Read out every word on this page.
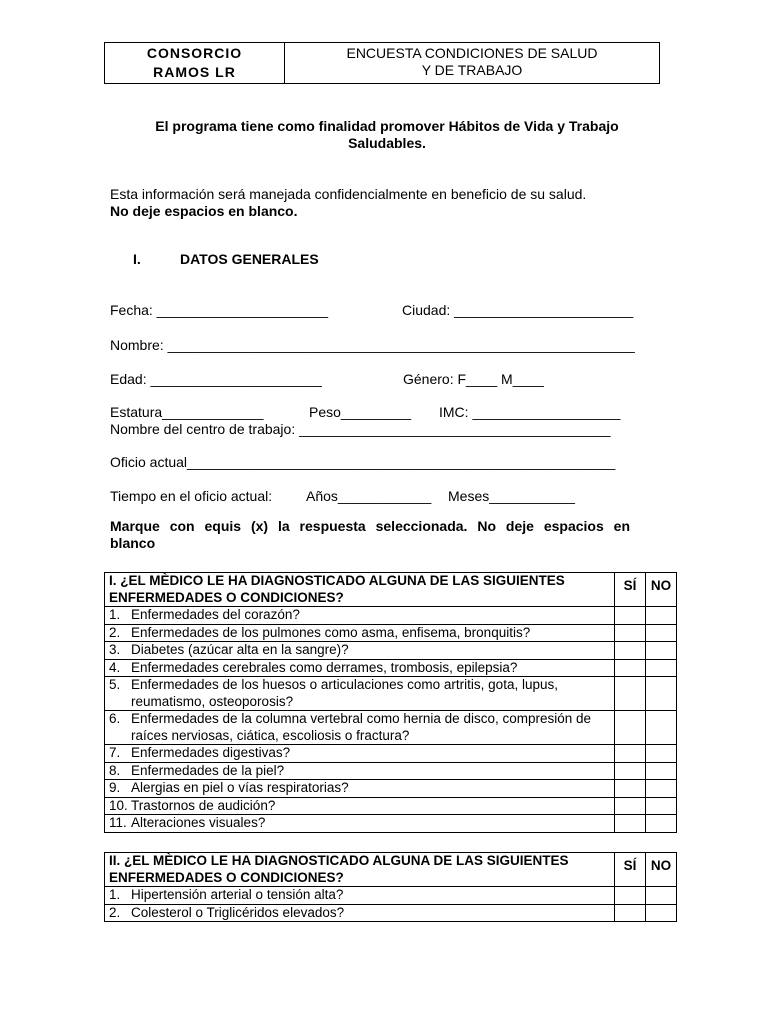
CONSORCIO
RAMOS LR
ENCUESTA CONDICIONES DE SALUD
Y DE TRABAJO
El programa tiene como finalidad promover Hábitos de Vida y Trabajo
Saludables.
Esta información será manejada confidencialmente en beneficio de su salud.
No deje espacios en blanco.
I.	DATOS GENERALES
Fecha: ______________________	Ciudad: _______________________
Nombre: ____________________________________________________________
Edad: ______________________	Género: F____ M____
Estatura_____________	Peso_________ IMC: ___________________
Nombre del centro de trabajo: ________________________________________
Oficio actual_______________________________________________________
Tiempo en el oficio actual: Años____________ Meses___________
Marque con equis (x) la respuesta seleccionada. No deje espacios en
blanco
I. ¿EL MÈDICO LE HA DIAGNOSTICADO ALGUNA DE LAS SIGUIENTES ENFERMEDADES O CONDICIONES?	SÍ	NO

1. Enfermedades del corazón?		

2. Enfermedades de los pulmones como asma, enfisema, bronquitis?		

3. Diabetes (azúcar alta en la sangre)?		

4. Enfermedades cerebrales como derrames, trombosis, epilepsia?		

5. Enfermedades de los huesos o articulaciones como artritis, gota, lupus, reumatismo, osteoporosis?		

6. Enfermedades de la columna vertebral como hernia de disco, compresión de raíces nerviosas, ciática, escoliosis o fractura?		

7. Enfermedades digestivas?		

8. Enfermedades de la piel?		

9. Alergias en piel o vías respiratorias?		

10. Trastornos de audición?		

11. Alteraciones visuales?		

II. ¿EL MÈDICO LE HA DIAGNOSTICADO ALGUNA DE LAS SIGUIENTES ENFERMEDADES O CONDICIONES?	SÍ	NO

1. Hipertensión arterial o tensión alta?		

2. Colesterol o Triglicéridos elevados?		
